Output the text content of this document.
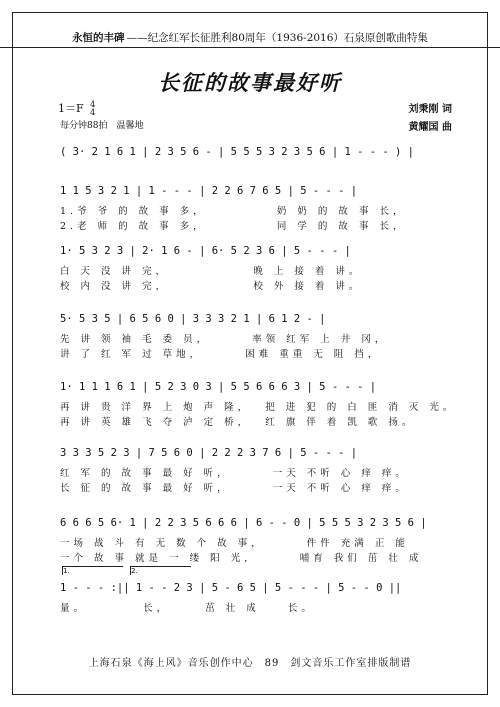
永恒的丰碑 ——纪念红军长征胜利80周年（1936-2016）石泉原创歌曲特集
长征的故事最好听
1＝F 4
4
每分钟88拍　温馨地
刘秉刚 词
黄耀国 曲
( 3· 2 1 6 1 | 2 3 5 6 - | 5 5 5 3 2 3 5 6 | 1 - - - ) |
1 1 5 3 2 1 | 1 - - - | 2 2 6 7 6 5 | 5 - - - |
1.爷 爷 的 故 事 多，          奶 奶 的 故 事 长，
2.老 师 的 故 事 多，          同 学 的 故 事 长，
1· 5 3 2 3 | 2· 1 6 - | 6· 5 2 3 6 | 5 - - - |
白 天 没 讲 完，            晚 上 接 着 讲。
校 内 没 讲 完，            校 外 接 着 讲。
5· 5 3 5 | 6 5 6 0 | 3 3 3 2 1 | 6 1 2 - |
先 讲 领 袖 毛 委 员，      率领 红军 上 井 冈，
讲 了 红 军 过 草地，      困难 重重 无 阻 挡，
1· 1 1 1 6 1 | 5 2 3 0 3 | 5 5 6 6 6 3 | 5 - - - |
再 讲 贵 洋 界 上 炮 声 隆，  把 进 犯 的 白 匪 消 灭 光。
再 讲 英 雄 飞 夺 泸 定 桥，  红 旗 伴 着 凯 歌 扬。
3 3 3 5 2 3 | 7 5 6 0 | 2 2 2 3 7 6 | 5 - - - |
红 军 的 故 事 最 好 听，      一天 不听 心 痒 痒。
长 征 的 故 事 最 好 听，      一天 不听 心 痒 痒。
6 6 6 5 6· 1 | 2 2 3 5 6 6 6 | 6 - - 0 | 5 5 5 3 2 3 5 6 |
一场 战 斗 有 无 数 个 故 事，      件件 充满 正 能
一个 故 事 就是 一 缕 阳 光，      哺育 我们 茁 壮 成
1 - - - :|| 1 - - 2 3 | 5 - 6 5 | 5 - - - | 5 - - 0 ||
量。        长，     茁 壮 成    长。
1.	2.
上海石泉《海上风》音乐创作中心　89　剑文音乐工作室排版制谱
